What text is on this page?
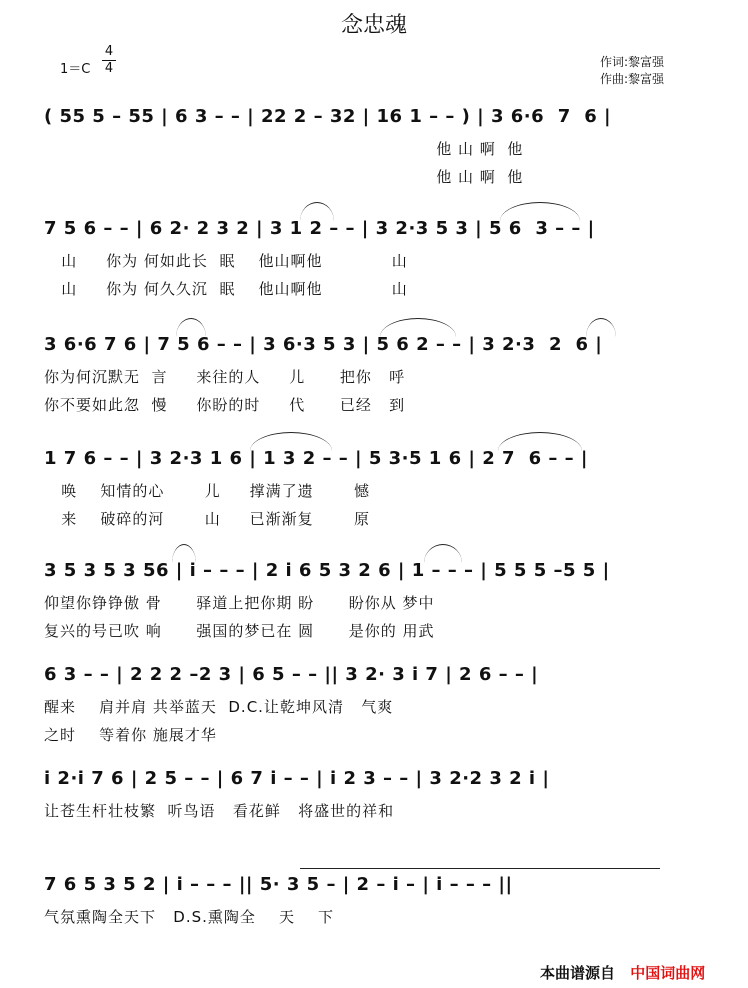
念忠魂
$1=C \frac{4}{4}$	作词:黎富强
作曲:黎富强
( 55 5 – 55 | 6 3 – – | 22 2 – 32 | 16 1 – – ) | 3 6·6  7  6 |
他 山 啊  他
他 山 啊  他
7 5 6 – – | 6 2· 2 3 2 | 3 1 2 – – | 3 2·3 5 3 | 5 6  3 – – |
山     你为 何如此长  眠    他山啊他            山
山     你为 何久久沉  眠    他山啊他            山
3 6·6 7 6 | 7 5 6 – – | 3 6·3 5 3 | 5 6 2 – – | 3 2·3  2  6 |
你为何沉默无  言     来往的人     儿      把你   呼
你不要如此忽  慢     你盼的时     代      已经   到
1 7 6 – – | 3 2·3 1 6 | 1 3 2 – – | 5 3·5 1 6 | 2 7  6 – – |
唤    知情的心       儿     撑满了遗       憾
来    破碎的河       山     已渐渐复       原
3 5 3 5 3 56 | i – – – | 2 i 6 5 3 2 6 | 1 – – – | 5 5 5 –5 5 |
仰望你铮铮傲 骨      驿道上把你期 盼      盼你从 梦中
复兴的号已吹 响      强国的梦已在 圆      是你的 用武
6 3 – – | 2 2 2 –2 3 | 6 5 – – || 3 2· 3 i 7 | 2 6 – – |
醒来    肩并肩 共举蓝天  D.C.让乾坤风清   气爽
之时    等着你 施展才华
i 2·i 7 6 | 2 5 – – | 6 7 i – – | i 2 3 – – | 3 2·2 3 2 i |
让苍生杆壮枝繁  听鸟语   看花鲜   将盛世的祥和
7 6 5 3 5 2 | i – – – || 5· 3 5 – | 2 – i – | i – – – ||
气氛熏陶全天下   D.S.熏陶全    天    下
本曲谱源自 中国词曲网
